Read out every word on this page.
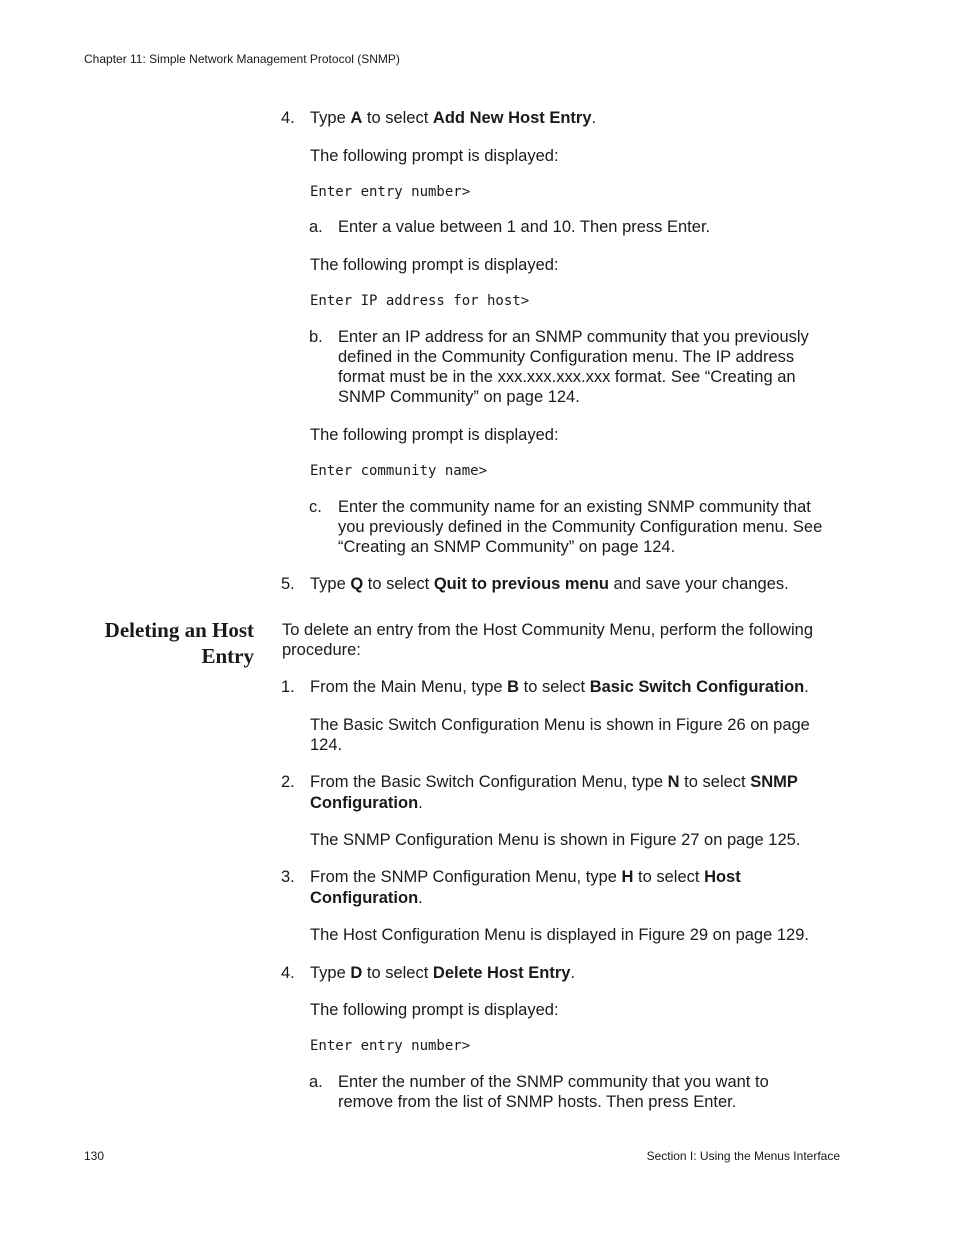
Chapter 11: Simple Network Management Protocol (SNMP)
4. Type A to select Add New Host Entry.
The following prompt is displayed:
Enter entry number>
a. Enter a value between 1 and 10. Then press Enter.
The following prompt is displayed:
Enter IP address for host>
b. Enter an IP address for an SNMP community that you previously
defined in the Community Configuration menu. The IP address
format must be in the xxx.xxx.xxx.xxx format. See “Creating an
SNMP Community” on page 124.
The following prompt is displayed:
Enter community name>
c. Enter the community name for an existing SNMP community that
you previously defined in the Community Configuration menu. See
“Creating an SNMP Community” on page 124.
5. Type Q to select Quit to previous menu and save your changes.
Deleting an Host
Entry
To delete an entry from the Host Community Menu, perform the following
procedure:
1. From the Main Menu, type B to select Basic Switch Configuration.
The Basic Switch Configuration Menu is shown in Figure 26 on page
124.
2. From the Basic Switch Configuration Menu, type N to select SNMP
Configuration.
The SNMP Configuration Menu is shown in Figure 27 on page 125.
3. From the SNMP Configuration Menu, type H to select Host
Configuration.
The Host Configuration Menu is displayed in Figure 29 on page 129.
4. Type D to select Delete Host Entry.
The following prompt is displayed:
Enter entry number>
a. Enter the number of the SNMP community that you want to
remove from the list of SNMP hosts. Then press Enter.
130	Section I: Using the Menus Interface
